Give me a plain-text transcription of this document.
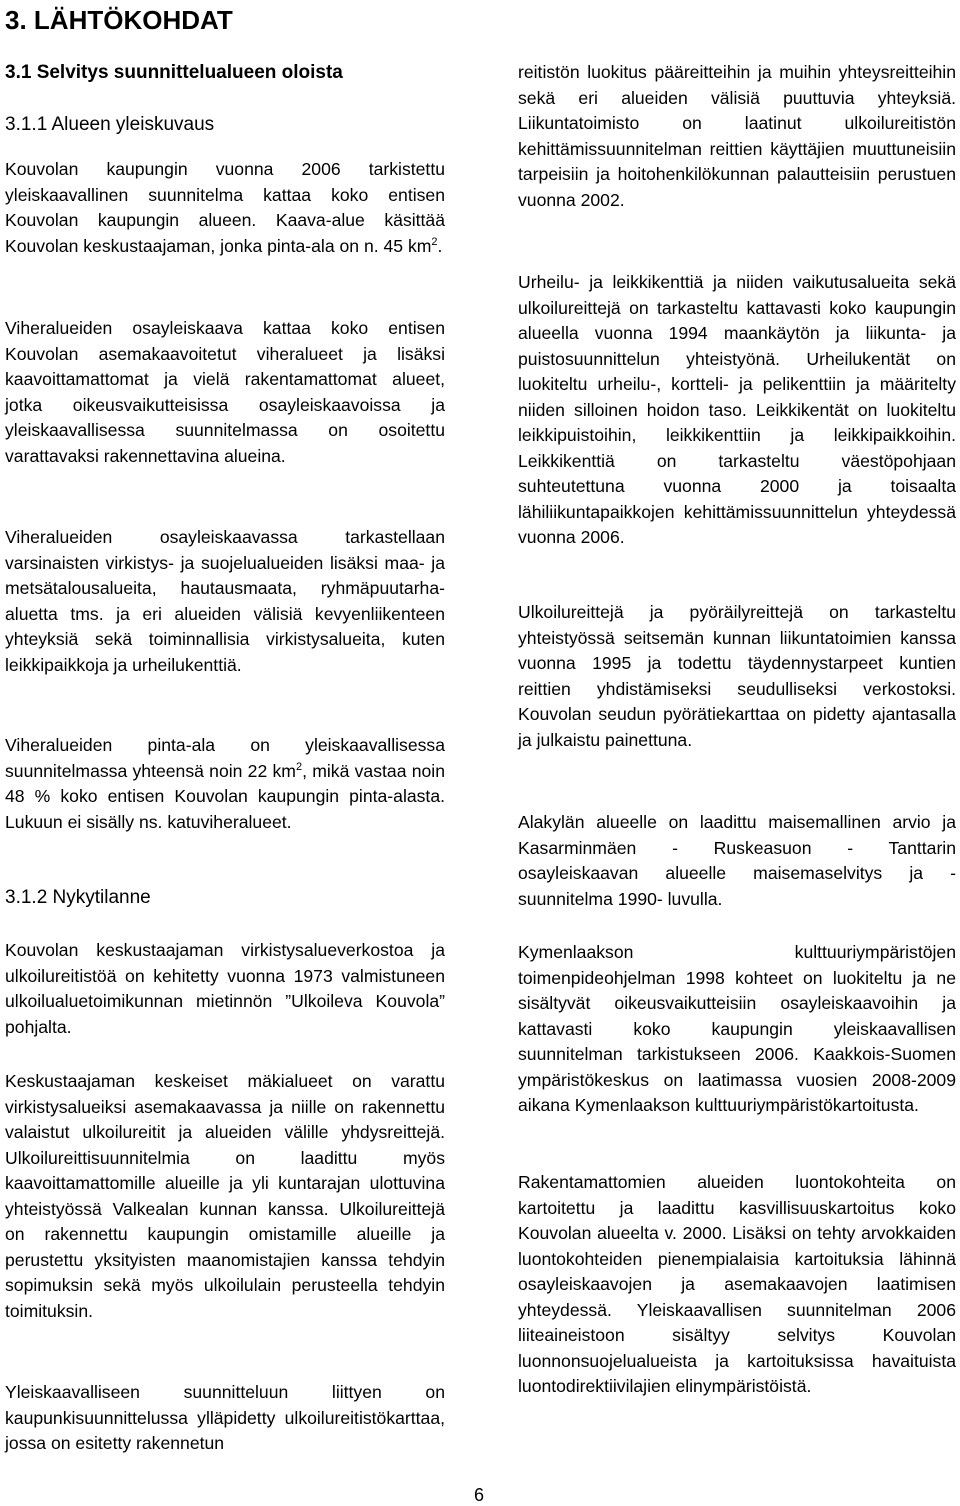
3. LÄHTÖKOHDAT
3.1 Selvitys suunnittelualueen oloista
3.1.1 Alueen yleiskuvaus
3.1.2 Nykytilanne

Kouvolan kaupungin vuonna 2006 tarkistettu yleiskaavallinen suunnitelma kattaa koko entisen Kouvolan kaupungin alueen. Kaava-alue käsittää Kouvolan keskustaajaman, jonka pinta-ala on n. 45 $km^2$.

Viheralueiden osayleiskaava kattaa koko entisen Kouvolan asemakaavoitetut viheralueet ja lisäksi kaavoittamattomat ja vielä rakentamattomat alueet, jotka oikeusvaikutteisissa osayleiskaavoissa ja yleiskaavallisessa suunnitelmassa on osoitettu varattavaksi rakennettavina alueina.

Viheralueiden osayleiskaavassa tarkastellaan varsinaisten virkistys- ja suojelualueiden lisäksi maa- ja metsätalousalueita, hautausmaata, ryhmäpuutarha-aluetta tms. ja eri alueiden välisiä kevyenliikenteen yhteyksiä sekä toiminnallisia virkistysalueita, kuten leikkipaikkoja ja urheilukenttiä.

Viheralueiden pinta-ala on yleiskaavallisessa suunnitelmassa yhteensä noin 22 $km^2$, mikä vastaa noin 48 % koko entisen Kouvolan kaupungin pinta-alasta. Lukuun ei sisälly ns. katuviheralueet.

Kouvolan keskustaajaman virkistysalueverkostoa ja ulkoilureitistöä on kehitetty vuonna 1973 valmistuneen ulkoilualuetoimikunnan mietinnön ”Ulkoileva Kouvola” pohjalta.

Keskustaajaman keskeiset mäkialueet on varattu virkistysalueiksi asemakaavassa ja niille on rakennettu valaistut ulkoilureitit ja alueiden välille yhdysreittejä. Ulkoilureittisuunnitelmia on laadittu myös kaavoittamattomille alueille ja yli kuntarajan ulottuvina yhteistyössä Valkealan kunnan kanssa. Ulkoilureittejä on rakennettu kaupungin omistamille alueille ja perustettu yksityisten maanomistajien kanssa tehdyin sopimuksin sekä myös ulkoilulain perusteella tehdyin toimituksin.

Yleiskaavalliseen suunnitteluun liittyen on kaupunkisuunnittelussa ylläpidetty ulkoilureitistökarttaa, jossa on esitetty rakennetun

reitistön luokitus pääreitteihin ja muihin yhteysreitteihin sekä eri alueiden välisiä puuttuvia yhteyksiä. Liikuntatoimisto on laatinut ulkoilureitistön kehittämissuunnitelman reittien käyttäjien muuttuneisiin tarpeisiin ja hoitohenkilökunnan palautteisiin perustuen vuonna 2002.

Urheilu- ja leikkikenttiä ja niiden vaikutusalueita sekä ulkoilureittejä on tarkasteltu kattavasti koko kaupungin alueella vuonna 1994 maankäytön ja liikunta- ja puistosuunnittelun yhteistyönä. Urheilukentät on luokiteltu urheilu-, kortteli- ja pelikenttiin ja määritelty niiden silloinen hoidon taso. Leikkikentät on luokiteltu leikkipuistoihin, leikkikenttiin ja leikkipaikkoihin. Leikkikenttiä on tarkasteltu väestöpohjaan suhteutettuna vuonna 2000 ja toisaalta lähiliikuntapaikkojen kehittämissuunnittelun yhteydessä vuonna 2006.

Ulkoilureittejä ja pyöräilyreittejä on tarkasteltu yhteistyössä seitsemän kunnan liikuntatoimien kanssa vuonna 1995 ja todettu täydennystarpeet kuntien reittien yhdistämiseksi seudulliseksi verkostoksi. Kouvolan seudun pyörätiekarttaa on pidetty ajantasalla ja julkaistu painettuna.

Alakylän alueelle on laadittu maisemallinen arvio ja Kasarminmäen - Ruskeasuon - Tanttarin osayleiskaavan alueelle maisemaselvitys ja -suunnitelma 1990- luvulla.

Kymenlaakson kulttuuriympäristöjen toimenpideohjelman 1998 kohteet on luokiteltu ja ne sisältyvät oikeusvaikutteisiin osayleiskaavoihin ja kattavasti koko kaupungin yleiskaavallisen suunnitelman tarkistukseen 2006. Kaakkois-Suomen ympäristökeskus on laatimassa vuosien 2008-2009 aikana Kymenlaakson kulttuuriympäristökartoitusta.

Rakentamattomien alueiden luontokohteita on kartoitettu ja laadittu kasvillisuuskartoitus koko Kouvolan alueelta v. 2000. Lisäksi on tehty arvokkaiden luontokohteiden pienempialaisia kartoituksia lähinnä osayleiskaavojen ja asemakaavojen laatimisen yhteydessä. Yleiskaavallisen suunnitelman 2006 liiteaineistoon sisältyy selvitys Kouvolan luonnonsuojelualueista ja kartoituksissa havaituista luontodirektiivilajien elinympäristöistä.

6
